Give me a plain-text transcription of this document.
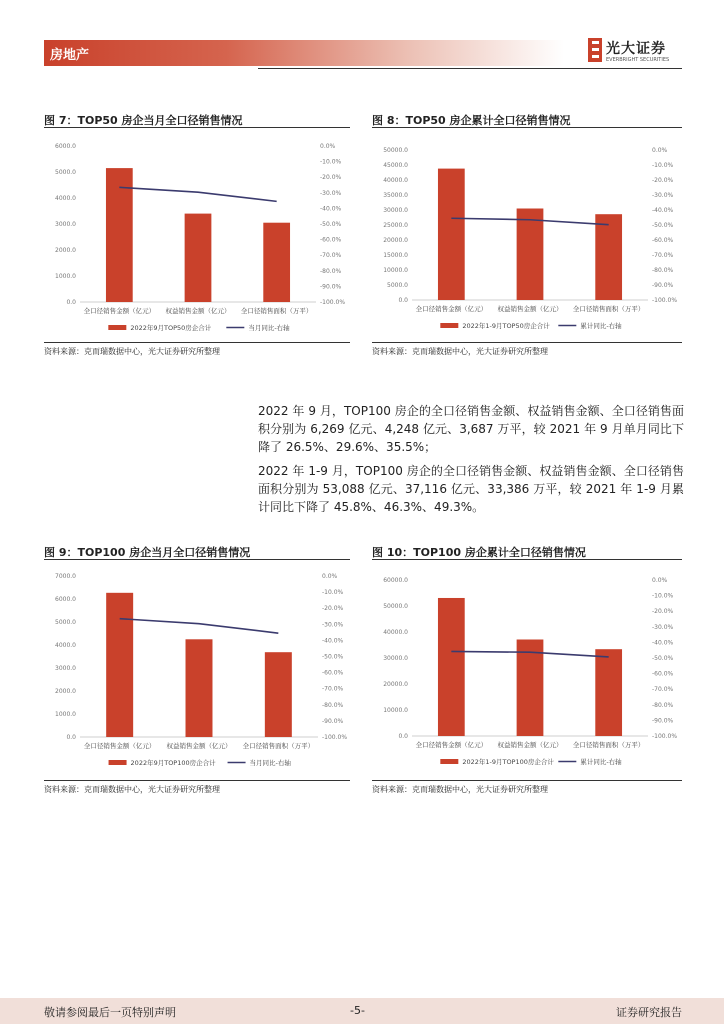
房地产	光大证券
EVERBRIGHT SECURITIES
图 7：TOP50 房企当月全口径销售情况
0.0
1000.0
2000.0
3000.0
4000.0
5000.0
6000.0	0.0%
-10.0%
-20.0%
-30.0%
-40.0%
-50.0%
-60.0%
-70.0%
-80.0%
-90.0%
-100.0%
全口径销售金额（亿元） 权益销售金额（亿元） 全口径销售面积（万平）
2022年9月TOP50房企合计	当月同比-右轴
资料来源：克而瑞数据中心，光大证券研究所整理
图 8：TOP50 房企累计全口径销售情况
0.0
5000.0
10000.0
15000.0
20000.0
25000.0
30000.0
35000.0
40000.0
45000.0
50000.0	0.0%
-10.0%
-20.0%
-30.0%
-40.0%
-50.0%
-60.0%
-70.0%
-80.0%
-90.0%
-100.0%
全口径销售金额（亿元） 权益销售金额（亿元） 全口径销售面积（万平）
2022年1-9月TOP50房企合计	累计同比-右轴
资料来源：克而瑞数据中心，光大证券研究所整理
2022 年 9 月，TOP100 房企的全口径销售金额、权益销售金额、全口径销售面积分别为 6,269 亿元、4,248 亿元、3,687 万平，较 2021 年 9 月单月同比下降了 26.5%、29.6%、35.5%；
2022 年 1-9 月，TOP100 房企的全口径销售金额、权益销售金额、全口径销售面积分别为 53,088 亿元、37,116 亿元、33,386 万平，较 2021 年 1-9 月累计同比下降了 45.8%、46.3%、49.3%。
图 9：TOP100 房企当月全口径销售情况
0.0
1000.0
2000.0
3000.0
4000.0
5000.0
6000.0
7000.0	0.0%
-10.0%
-20.0%
-30.0%
-40.0%
-50.0%
-60.0%
-70.0%
-80.0%
-90.0%
-100.0%
全口径销售金额（亿元） 权益销售金额（亿元） 全口径销售面积（万平）
2022年9月TOP100房企合计	当月同比-右轴
资料来源：克而瑞数据中心，光大证券研究所整理
图 10：TOP100 房企累计全口径销售情况
0.0
10000.0
20000.0
30000.0
40000.0
50000.0
60000.0	0.0%
-10.0%
-20.0%
-30.0%
-40.0%
-50.0%
-60.0%
-70.0%
-80.0%
-90.0%
-100.0%
全口径销售金额（亿元） 权益销售金额（亿元） 全口径销售面积（万平）
2022年1-9月TOP100房企合计	累计同比-右轴
资料来源：克而瑞数据中心，光大证券研究所整理
敬请参阅最后一页特别声明	-5-	证券研究报告
